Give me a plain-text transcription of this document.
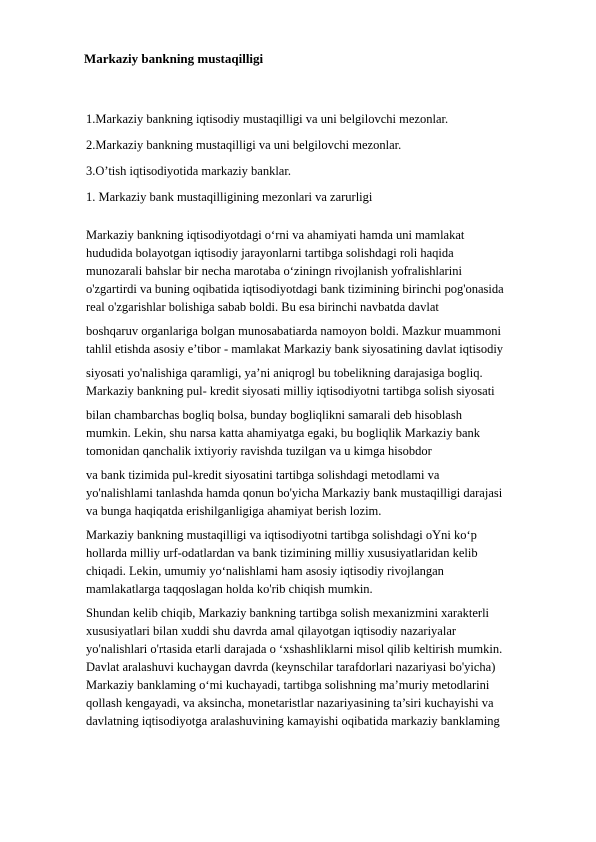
Markaziy bankning mustaqilligi
1.Markaziy bankning iqtisodiy mustaqilligi va uni belgilovchi mezonlar.
2.Markaziy bankning mustaqilligi va uni belgilovchi mezonlar.
3.O’tish iqtisodiyotida markaziy banklar.
1. Markaziy bank mustaqilligining mezonlari va zarurligi
Markaziy bankning iqtisodiyotdagi o‘rni va ahamiyati hamda uni mamlakat
hududida bolayotgan iqtisodiy jarayonlarni tartibga solishdagi roli haqida
munozarali bahslar bir necha marotaba o‘ziningn rivojlanish yofralishlarini
o'zgartirdi va buning oqibatida iqtisodiyotdagi bank tizimining birinchi pog'onasida
real o'zgarishlar bolishiga sabab boldi. Bu esa birinchi navbatda davlat
boshqaruv organlariga bolgan munosabatiarda namoyon boldi. Mazkur muammoni
tahlil etishda asosiy e’tibor - mamlakat Markaziy bank siyosatining davlat iqtisodiy
siyosati yo'nalishiga qaramligi, ya’ni aniqrogl bu tobelikning darajasiga bogliq.
Markaziy bankning pul- kredit siyosati milliy iqtisodiyotni tartibga solish siyosati
bilan chambarchas bogliq bolsa, bunday bogliqlikni samarali deb hisoblash
mumkin. Lekin, shu narsa katta ahamiyatga egaki, bu bogliqlik Markaziy bank
tomonidan qanchalik ixtiyoriy ravishda tuzilgan va u kimga hisobdor
va bank tizimida pul-kredit siyosatini tartibga solishdagi metodlami va
yo'nalishlami tanlashda hamda qonun bo'yicha Markaziy bank mustaqilligi darajasi
va bunga haqiqatda erishilganligiga ahamiyat berish lozim.
Markaziy bankning mustaqilligi va iqtisodiyotni tartibga solishdagi oYni ko‘p
hollarda milliy urf-odatlardan va bank tizimining milliy xususiyatlaridan kelib
chiqadi. Lekin, umumiy yo‘nalishlami ham asosiy iqtisodiy rivojlangan
mamlakatlarga taqqoslagan holda ko'rib chiqish mumkin.
Shundan kelib chiqib, Markaziy bankning tartibga solish mexanizmini xarakterli
xususiyatlari bilan xuddi shu davrda amal qilayotgan iqtisodiy nazariyalar
yo'nalishlari o'rtasida etarli darajada o ‘xshashliklarni misol qilib keltirish mumkin.
Davlat aralashuvi kuchaygan davrda (keynschilar tarafdorlari nazariyasi bo'yicha)
Markaziy banklaming o‘mi kuchayadi, tartibga solishning ma’muriy metodlarini
qollash kengayadi, va aksincha, monetaristlar nazariyasining ta’siri kuchayishi va
davlatning iqtisodiyotga aralashuvining kamayishi oqibatida markaziy banklaming
